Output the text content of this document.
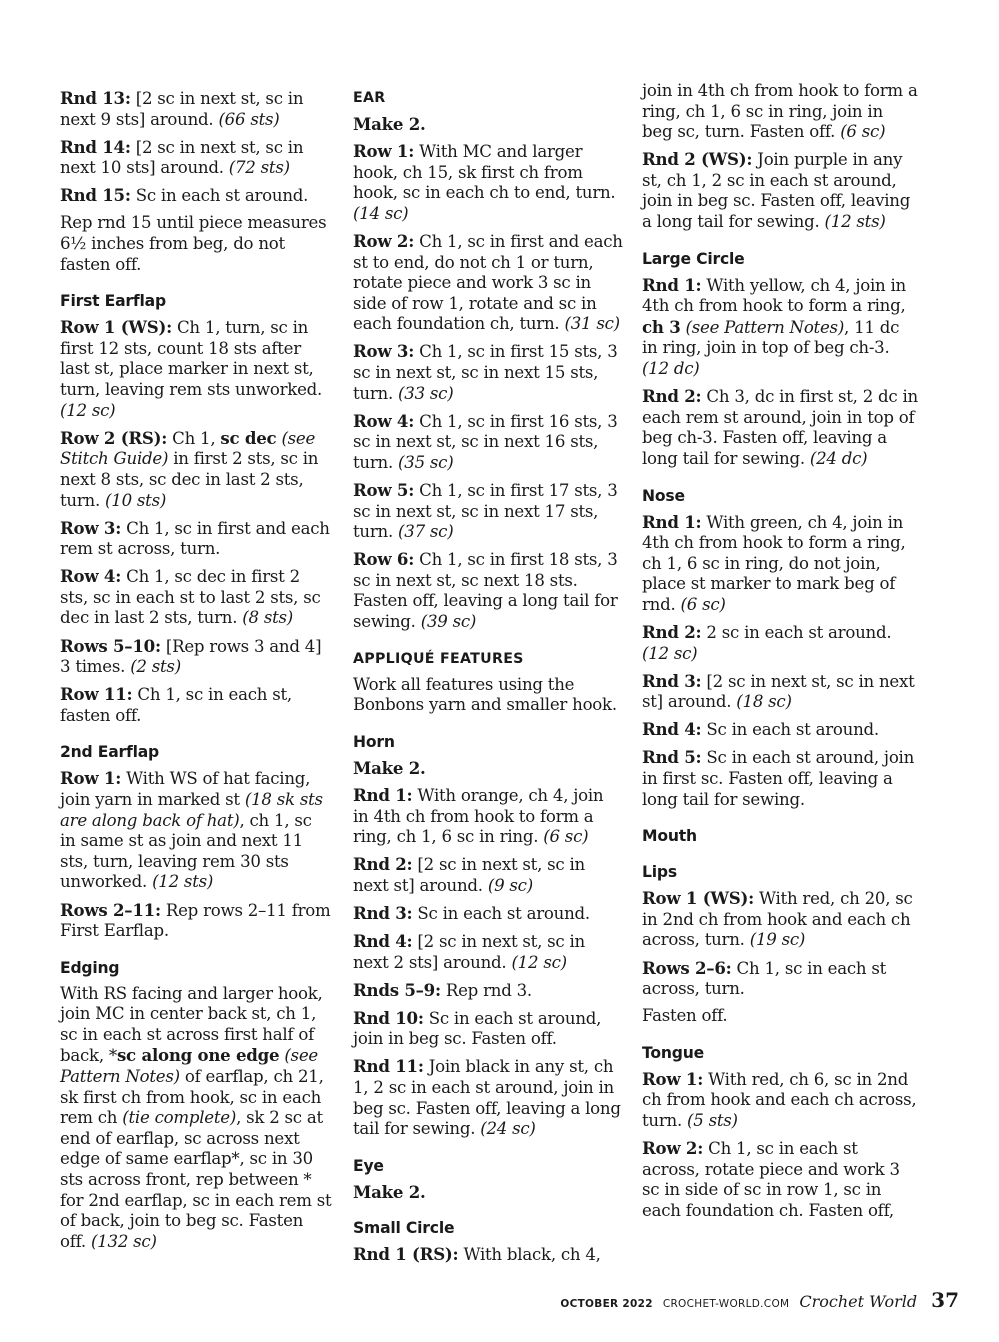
Rnd 13: [2 sc in next st, sc in next 9 sts] around. (66 sts)
Rnd 14: [2 sc in next st, sc in next 10 sts] around. (72 sts)
Rnd 15: Sc in each st around.
Rep rnd 15 until piece measures 6½ inches from beg, do not fasten off.
First Earflap
Row 1 (WS): Ch 1, turn, sc in first 12 sts, count 18 sts after last st, place marker in next st, turn, leaving rem sts unworked. (12 sc)
Row 2 (RS): Ch 1, sc dec (see Stitch Guide) in first 2 sts, sc in next 8 sts, sc dec in last 2 sts, turn. (10 sts)
Row 3: Ch 1, sc in first and each rem st across, turn.
Row 4: Ch 1, sc dec in first 2 sts, sc in each st to last 2 sts, sc dec in last 2 sts, turn. (8 sts)
Rows 5–10: [Rep rows 3 and 4] 3 times. (2 sts)
Row 11: Ch 1, sc in each st, fasten off.
2nd Earflap
Row 1: With WS of hat facing, join yarn in marked st (18 sk sts are along back of hat), ch 1, sc in same st as join and next 11 sts, turn, leaving rem 30 sts unworked. (12 sts)
Rows 2–11: Rep rows 2–11 from First Earflap.
Edging
With RS facing and larger hook, join MC in center back st, ch 1, sc in each st across first half of back, *sc along one edge (see Pattern Notes) of earflap, ch 21, sk first ch from hook, sc in each rem ch (tie complete), sk 2 sc at end of earflap, sc across next edge of same earflap*, sc in 30 sts across front, rep between * for 2nd earflap, sc in each rem st of back, join to beg sc. Fasten off. (132 sc)
EAR
Make 2.
Row 1: With MC and larger hook, ch 15, sk first ch from hook, sc in each ch to end, turn. (14 sc)
Row 2: Ch 1, sc in first and each st to end, do not ch 1 or turn, rotate piece and work 3 sc in side of row 1, rotate and sc in each foundation ch, turn. (31 sc)
Row 3: Ch 1, sc in first 15 sts, 3 sc in next st, sc in next 15 sts, turn. (33 sc)
Row 4: Ch 1, sc in first 16 sts, 3 sc in next st, sc in next 16 sts, turn. (35 sc)
Row 5: Ch 1, sc in first 17 sts, 3 sc in next st, sc in next 17 sts, turn. (37 sc)
Row 6: Ch 1, sc in first 18 sts, 3 sc in next st, sc next 18 sts. Fasten off, leaving a long tail for sewing. (39 sc)
APPLIQUÉ FEATURES
Work all features using the Bonbons yarn and smaller hook.
Horn
Make 2.
Rnd 1: With orange, ch 4, join in 4th ch from hook to form a ring, ch 1, 6 sc in ring. (6 sc)
Rnd 2: [2 sc in next st, sc in next st] around. (9 sc)
Rnd 3: Sc in each st around.
Rnd 4: [2 sc in next st, sc in next 2 sts] around. (12 sc)
Rnds 5–9: Rep rnd 3.
Rnd 10: Sc in each st around, join in beg sc. Fasten off.
Rnd 11: Join black in any st, ch 1, 2 sc in each st around, join in beg sc. Fasten off, leaving a long tail for sewing. (24 sc)
Eye
Make 2.
Small Circle
Rnd 1 (RS): With black, ch 4,
join in 4th ch from hook to form a ring, ch 1, 6 sc in ring, join in beg sc, turn. Fasten off. (6 sc)
Rnd 2 (WS): Join purple in any st, ch 1, 2 sc in each st around, join in beg sc. Fasten off, leaving a long tail for sewing. (12 sts)
Large Circle
Rnd 1: With yellow, ch 4, join in 4th ch from hook to form a ring, ch 3 (see Pattern Notes), 11 dc in ring, join in top of beg ch-3. (12 dc)
Rnd 2: Ch 3, dc in first st, 2 dc in each rem st around, join in top of beg ch-3. Fasten off, leaving a long tail for sewing. (24 dc)
Nose
Rnd 1: With green, ch 4, join in 4th ch from hook to form a ring, ch 1, 6 sc in ring, do not join, place st marker to mark beg of rnd. (6 sc)
Rnd 2: 2 sc in each st around. (12 sc)
Rnd 3: [2 sc in next st, sc in next st] around. (18 sc)
Rnd 4: Sc in each st around.
Rnd 5: Sc in each st around, join in first sc. Fasten off, leaving a long tail for sewing.
Mouth
Lips
Row 1 (WS): With red, ch 20, sc in 2nd ch from hook and each ch across, turn. (19 sc)
Rows 2–6: Ch 1, sc in each st across, turn.
Fasten off.
Tongue
Row 1: With red, ch 6, sc in 2nd ch from hook and each ch across, turn. (5 sts)
Row 2: Ch 1, sc in each st across, rotate piece and work 3 sc in side of sc in row 1, sc in each foundation ch. Fasten off,
OCTOBER 2022 CROCHET-WORLD.COM Crochet World 37
